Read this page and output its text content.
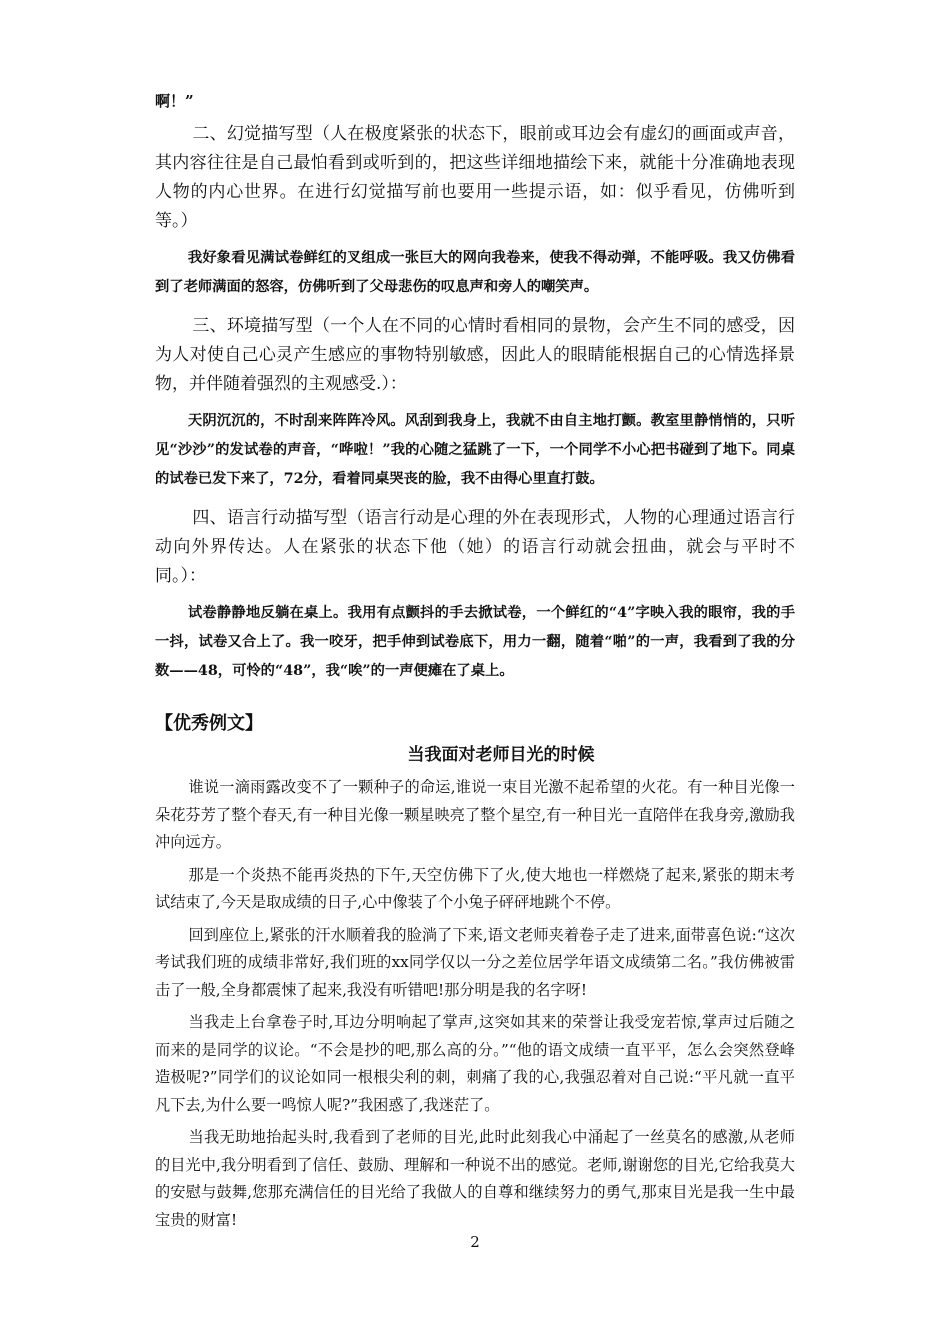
啊！”

二、幻觉描写型（人在极度紧张的状态下，眼前或耳边会有虚幻的画面或声音，其内容往往是自己最怕看到或听到的，把这些详细地描绘下来，就能十分准确地表现人物的内心世界。在进行幻觉描写前也要用一些提示语，如：似乎看见，仿佛听到等。）

我好象看见满试卷鲜红的叉组成一张巨大的网向我卷来，使我不得动弹，不能呼吸。我又仿佛看到了老师满面的怒容，仿佛听到了父母悲伤的叹息声和旁人的嘲笑声。

三、环境描写型（一个人在不同的心情时看相同的景物，会产生不同的感受，因为人对使自己心灵产生感应的事物特别敏感，因此人的眼睛能根据自己的心情选择景物，并伴随着强烈的主观感受.）：

天阴沉沉的，不时刮来阵阵冷风。风刮到我身上，我就不由自主地打颤。教室里静悄悄的，只听见“沙沙”的发试卷的声音，“哗啦！”我的心随之猛跳了一下，一个同学不小心把书碰到了地下。同桌的试卷已发下来了，72分，看着同桌哭丧的脸，我不由得心里直打鼓。

四、语言行动描写型（语言行动是心理的外在表现形式，人物的心理通过语言行动向外界传达。人在紧张的状态下他（她）的语言行动就会扭曲，就会与平时不同。）：

试卷静静地反躺在桌上。我用有点颤抖的手去掀试卷，一个鲜红的“4”字映入我的眼帘，我的手一抖，试卷又合上了。我一咬牙，把手伸到试卷底下，用力一翻，随着“啪”的一声，我看到了我的分数——48，可怜的“48”，我“唉”的一声便瘫在了桌上。

【优秀例文】
当我面对老师目光的时候

谁说一滴雨露改变不了一颗种子的命运,谁说一束目光激不起希望的火花。有一种目光像一朵花芬芳了整个春天,有一种目光像一颗星映亮了整个星空,有一种目光一直陪伴在我身旁,激励我冲向远方。

那是一个炎热不能再炎热的下午,天空仿佛下了火,使大地也一样燃烧了起来,紧张的期末考试结束了,今天是取成绩的日子,心中像装了个小兔子砰砰地跳个不停。

回到座位上,紧张的汗水顺着我的脸淌了下来,语文老师夹着卷子走了进来,面带喜色说:“这次考试我们班的成绩非常好,我们班的xx同学仅以一分之差位居学年语文成绩第二名。”我仿佛被雷击了一般,全身都震悚了起来,我没有听错吧!那分明是我的名字呀!

当我走上台拿卷子时,耳边分明响起了掌声,这突如其来的荣誉让我受宠若惊,掌声过后随之而来的是同学的议论。“不会是抄的吧,那么高的分。”“他的语文成绩一直平平，怎么会突然登峰造极呢?”同学们的议论如同一根根尖利的刺，刺痛了我的心,我强忍着对自己说:“平凡就一直平凡下去,为什么要一鸣惊人呢?”我困惑了,我迷茫了。

当我无助地抬起头时,我看到了老师的目光,此时此刻我心中涌起了一丝莫名的感激,从老师的目光中,我分明看到了信任、鼓励、理解和一种说不出的感觉。老师,谢谢您的目光,它给我莫大的安慰与鼓舞,您那充满信任的目光给了我做人的自尊和继续努力的勇气,那束目光是我一生中最宝贵的财富!

2
